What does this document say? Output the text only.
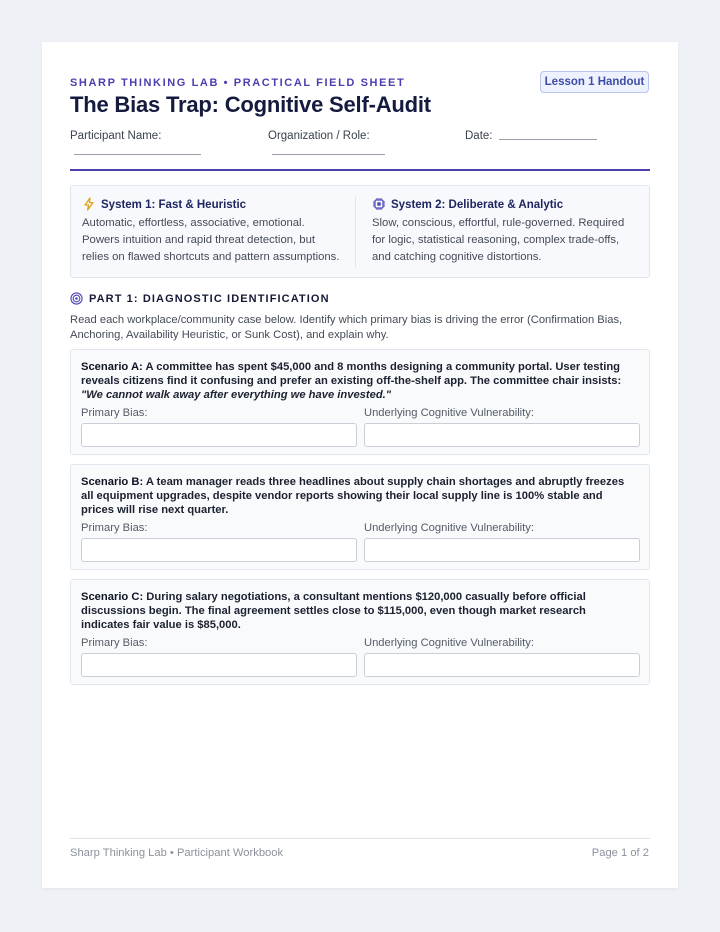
SHARP THINKING LAB • PRACTICAL FIELD SHEET	Lesson 1 Handout
The Bias Trap: Cognitive Self-Audit
Participant Name:	Organization / Role:	Date:
System 1: Fast & Heuristic
Automatic, effortless, associative, emotional.
Powers intuition and rapid threat detection, but
relies on flawed shortcuts and pattern assumptions.
System 2: Deliberate & Analytic
Slow, conscious, effortful, rule-governed. Required
for logic, statistical reasoning, complex trade-offs,
and catching cognitive distortions.
PART 1: DIAGNOSTIC IDENTIFICATION
Read each workplace/community case below. Identify which primary bias is driving the error (Confirmation Bias, Anchoring, Availability Heuristic, or Sunk Cost), and explain why.
Scenario A: A committee has spent $45,000 and 8 months designing a community portal. User testing reveals citizens find it confusing and prefer an existing off-the-shelf app. The committee chair insists: "We cannot walk away after everything we have invested."
Primary Bias:	Underlying Cognitive Vulnerability:
Scenario B: A team manager reads three headlines about supply chain shortages and abruptly freezes all equipment upgrades, despite vendor reports showing their local supply line is 100% stable and prices will rise next quarter.
Primary Bias:	Underlying Cognitive Vulnerability:
Scenario C: During salary negotiations, a consultant mentions $120,000 casually before official discussions begin. The final agreement settles close to $115,000, even though market research indicates fair value is $85,000.
Primary Bias:	Underlying Cognitive Vulnerability:
Sharp Thinking Lab • Participant Workbook	Page 1 of 2
